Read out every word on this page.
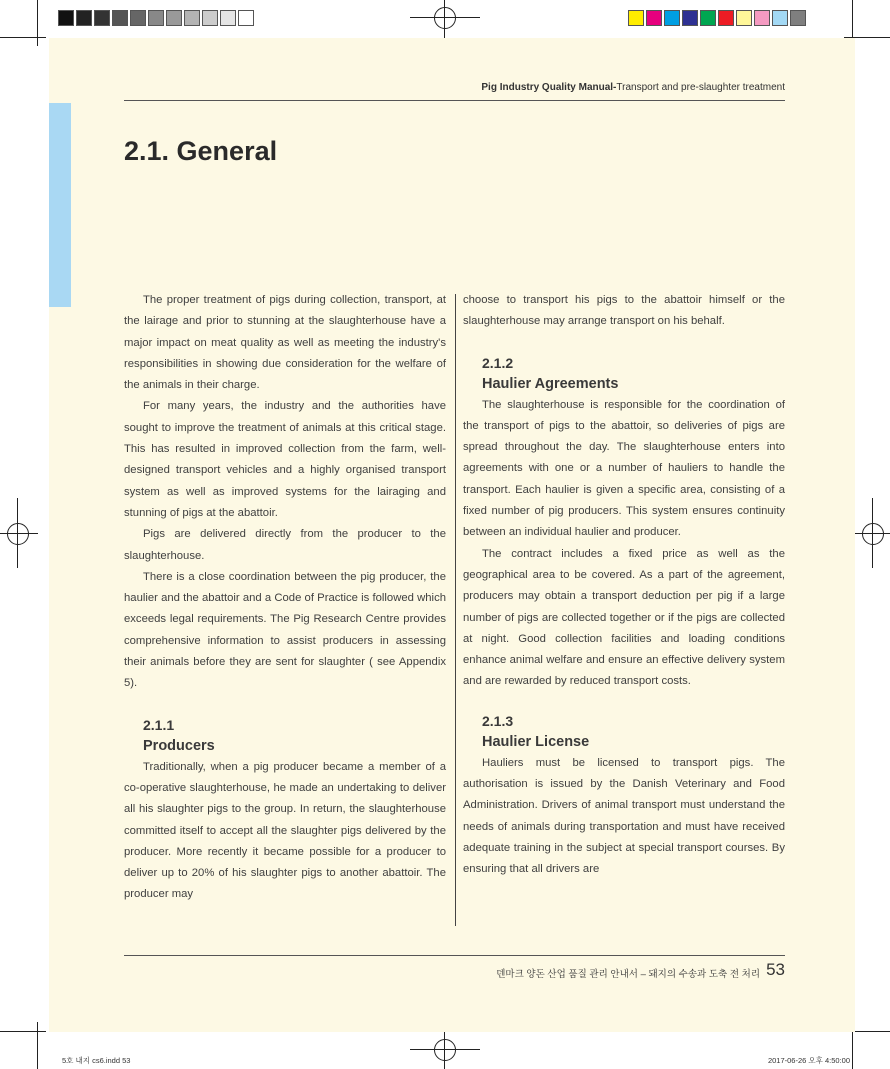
Pig Industry Quality Manual-Transport and pre-slaughter treatment
2.1. General

The proper treatment of pigs during collection, transport, at the lairage and prior to stunning at the slaughterhouse have a major impact on meat quality as well as meeting the industry's responsibilities in showing due consideration for the welfare of the animals in their charge.

For many years, the industry and the authorities have sought to improve the treatment of animals at this critical stage. This has resulted in improved collection from the farm, well-designed transport vehicles and a highly organised transport system as well as improved systems for the lairaging and stunning of pigs at the abattoir.

Pigs are delivered directly from the producer to the slaughterhouse.

There is a close coordination between the pig producer, the haulier and the abattoir and a Code of Practice is followed which exceeds legal requirements. The Pig Research Centre provides comprehensive information to assist producers in assessing their animals before they are sent for slaughter ( see Appendix 5).

2.1.1
Producers

Traditionally, when a pig producer became a member of a co-operative slaughterhouse, he made an undertaking to deliver all his slaughter pigs to the group. In return, the slaughterhouse committed itself to accept all the slaughter pigs delivered by the producer. More recently it became possible for a producer to deliver up to 20% of his slaughter pigs to another abattoir. The producer may

choose to transport his pigs to the abattoir himself or the slaughterhouse may arrange transport on his behalf.

2.1.2
Haulier Agreements

The slaughterhouse is responsible for the coordination of the transport of pigs to the abattoir, so deliveries of pigs are spread throughout the day. The slaughterhouse enters into agreements with one or a number of hauliers to handle the transport. Each haulier is given a specific area, consisting of a fixed number of pig producers. This system ensures continuity between an individual haulier and producer.

The contract includes a fixed price as well as the geographical area to be covered. As a part of the agreement, producers may obtain a transport deduction per pig if a large number of pigs are collected together or if the pigs are collected at night. Good collection facilities and loading conditions enhance animal welfare and ensure an effective delivery system and are rewarded by reduced transport costs.

2.1.3
Haulier License

Hauliers must be licensed to transport pigs. The authorisation is issued by the Danish Veterinary and Food Administration. Drivers of animal transport must understand the needs of animals during transportation and must have received adequate training in the subject at special transport courses. By ensuring that all drivers are

덴마크 양돈 산업 품질 관리 안내서 – 돼지의 수송과 도축 전 처리 53
5호 내지 cs6.indd 53	2017-06-26 오후 4:50:00
